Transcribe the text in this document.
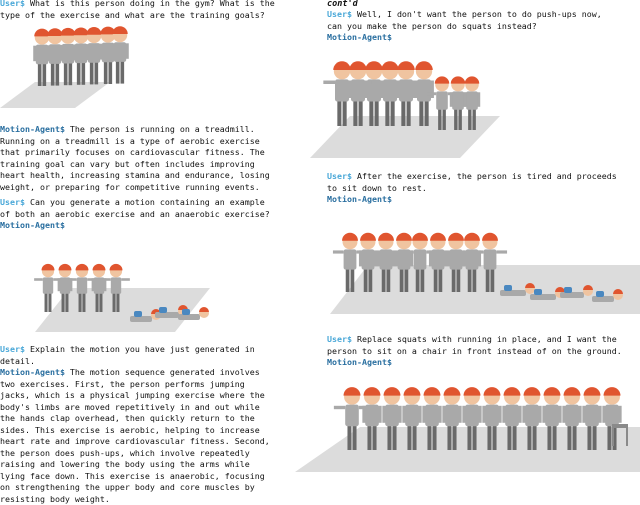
User$ What is this person doing in the gym? What is the
type of the exercise and what are the training goals?
Motion-Agent$ The person is running on a treadmill.
Running on a treadmill is a type of aerobic exercise
that primarily focuses on cardiovascular fitness. The
training goal can vary but often includes improving
heart health, increasing stamina and endurance, losing
weight, or preparing for competitive running events.
User$ Can you generate a motion containing an example
of both an aerobic exercise and an anaerobic exercise?
Motion-Agent$
User$ Explain the motion you have just generated in
detail.
Motion-Agent$ The motion sequence generated involves
two exercises. First, the person performs jumping
jacks, which is a physical jumping exercise where the
body's limbs are moved repetitively in and out while
the hands clap overhead, then quickly return to the
sides. This exercise is aerobic, helping to increase
heart rate and improve cardiovascular fitness. Second,
the person does push-ups, which involve repeatedly
raising and lowering the body using the arms while
lying face down. This exercise is anaerobic, focusing
on strengthening the upper body and core muscles by
resisting body weight.
cont'd
User$ Well, I don't want the person to do push-ups now,
can you make the person do squats instead?
Motion-Agent$
User$ After the exercise, the person is tired and proceeds
to sit down to rest.
Motion-Agent$
User$ Replace squats with running in place, and I want the
person to sit on a chair in front instead of on the ground.
Motion-Agent$
